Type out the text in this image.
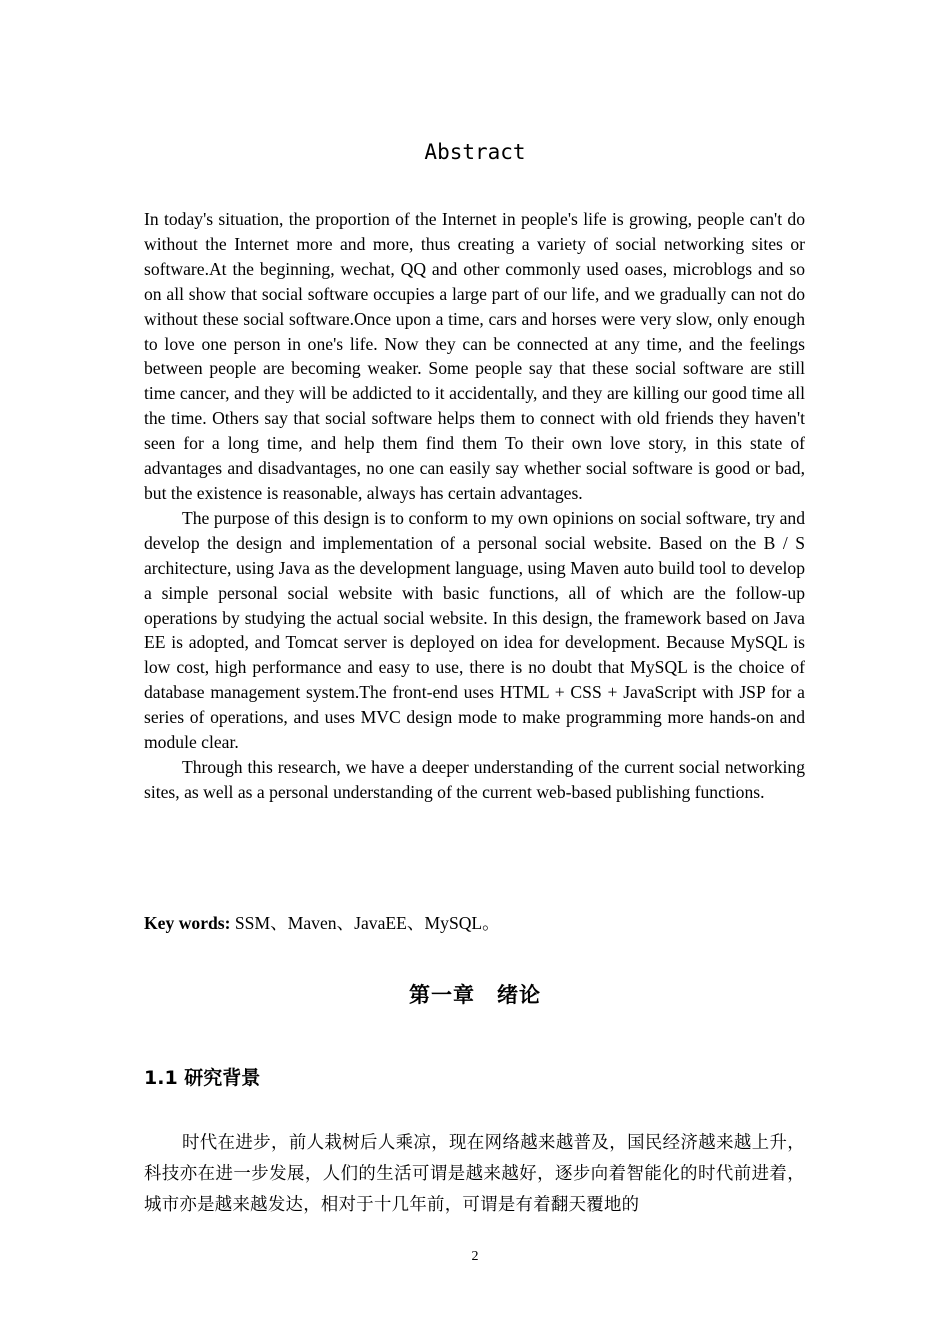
Abstract

In today's situation, the proportion of the Internet in people's life is growing, people can't do without the Internet more and more, thus creating a variety of social networking sites or software.At the beginning, wechat, QQ and other commonly used oases, microblogs and so on all show that social software occupies a large part of our life, and we gradually can not do without these social software.Once upon a time, cars and horses were very slow, only enough to love one person in one's life. Now they can be connected at any time, and the feelings between people are becoming weaker. Some people say that these social software are still time cancer, and they will be addicted to it accidentally, and they are killing our good time all the time. Others say that social software helps them to connect with old friends they haven't seen for a long time, and help them find them To their own love story, in this state of advantages and disadvantages, no one can easily say whether social software is good or bad, but the existence is reasonable, always has certain advantages.

The purpose of this design is to conform to my own opinions on social software, try and develop the design and implementation of a personal social website. Based on the B / S architecture, using Java as the development language, using Maven auto build tool to develop a simple personal social website with basic functions, all of which are the follow-up operations by studying the actual social website. In this design, the framework based on Java EE is adopted, and Tomcat server is deployed on idea for development. Because MySQL is low cost, high performance and easy to use, there is no doubt that MySQL is the choice of database management system.The front-end uses HTML + CSS + JavaScript with JSP for a series of operations, and uses MVC design mode to make programming more hands-on and module clear.

Through this research, we have a deeper understanding of the current social networking sites, as well as a personal understanding of the current web-based publishing functions.

Key words: SSM、Maven、JavaEE、MySQL。

第一章　绪论
1.1 研究背景

时代在进步，前人栽树后人乘凉，现在网络越来越普及，国民经济越来越上升，科技亦在进一步发展，人们的生活可谓是越来越好，逐步向着智能化的时代前进着，城市亦是越来越发达，相对于十几年前，可谓是有着翻天覆地的

2
